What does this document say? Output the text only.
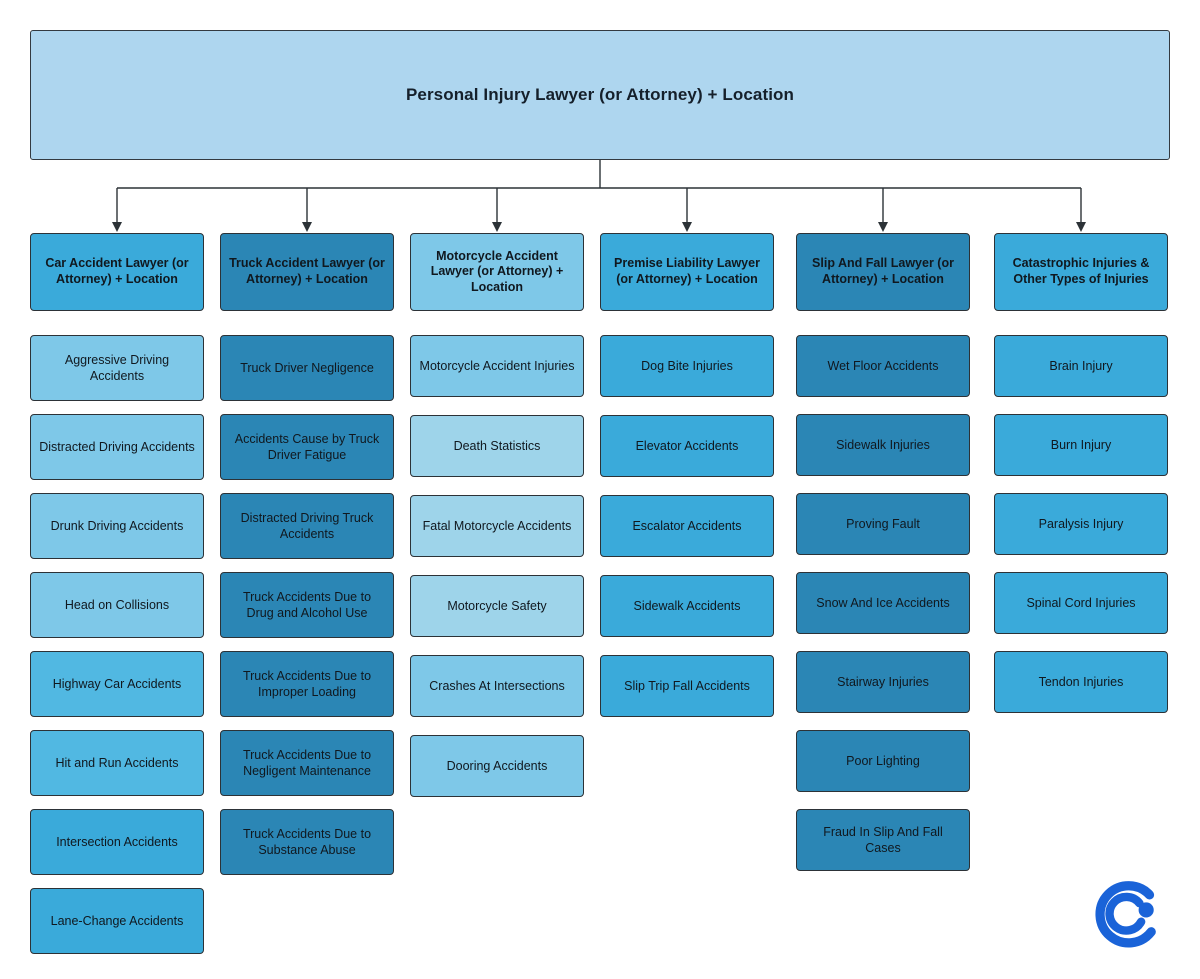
Personal Injury Lawyer (or Attorney) + Location
Car Accident Lawyer (or Attorney) + Location
Aggressive Driving Accidents
Distracted Driving Accidents
Drunk Driving Accidents
Head on Collisions
Highway Car Accidents
Hit and Run Accidents
Intersection Accidents
Lane-Change Accidents
Truck Accident Lawyer (or Attorney) + Location
Truck Driver Negligence
Accidents Cause by Truck Driver Fatigue
Distracted Driving Truck Accidents
Truck Accidents Due to Drug and Alcohol Use
Truck Accidents Due to Improper Loading
Truck Accidents Due to Negligent Maintenance
Truck Accidents Due to Substance Abuse
Motorcycle Accident Lawyer (or Attorney) + Location
Motorcycle Accident Injuries
Death Statistics
Fatal Motorcycle Accidents
Motorcycle Safety
Crashes At Intersections
Dooring Accidents
Premise Liability Lawyer (or Attorney) + Location
Dog Bite Injuries
Elevator Accidents
Escalator Accidents
Sidewalk Accidents
Slip Trip Fall Accidents
Slip And Fall Lawyer (or Attorney) + Location
Wet Floor Accidents
Sidewalk Injuries
Proving Fault
Snow And Ice Accidents
Stairway Injuries
Poor Lighting
Fraud In Slip And Fall Cases
Catastrophic Injuries & Other Types of Injuries
Brain Injury
Burn Injury
Paralysis Injury
Spinal Cord Injuries
Tendon Injuries
